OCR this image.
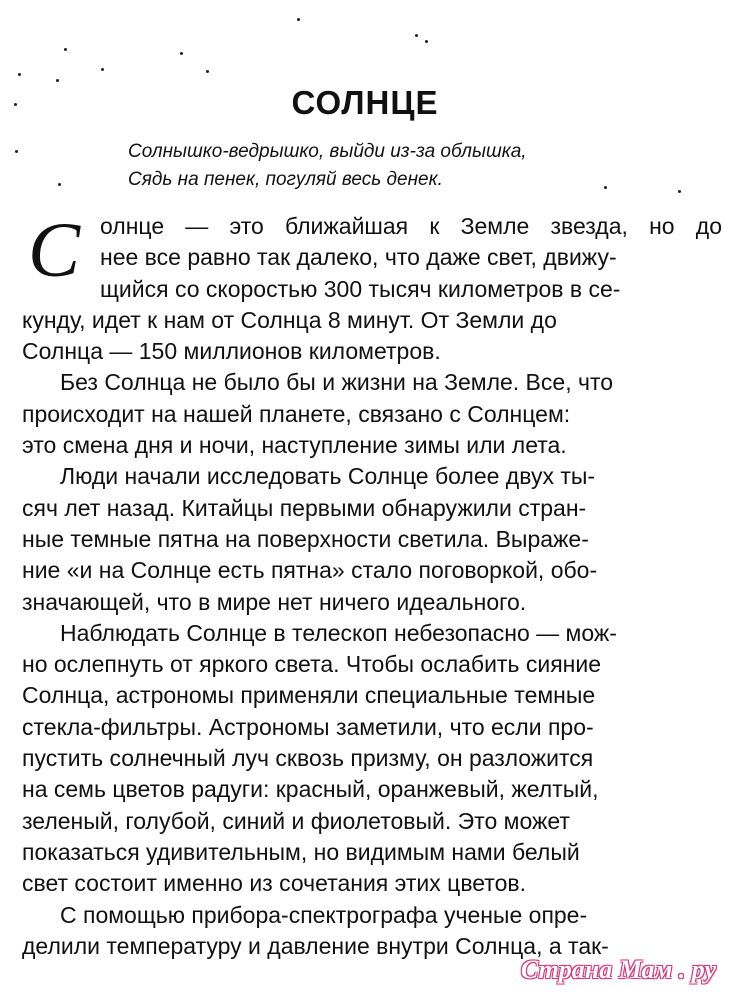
СОЛНЦЕ
Солнышко-ведрышко, выйди из-за облышка,
Сядь на пенек, погуляй весь денек.
С олнце — это ближайшая к Земле звезда, но до
нее все равно так далеко, что даже свет, движу-
щийся со скоростью 300 тысяч километров в се-
кунду, идет к нам от Солнца 8 минут. От Земли до
Солнца — 150 миллионов километров.
Без Солнца не было бы и жизни на Земле. Все, что
происходит на нашей планете, связано с Солнцем:
это смена дня и ночи, наступление зимы или лета.
Люди начали исследовать Солнце более двух ты-
сяч лет назад. Китайцы первыми обнаружили стран-
ные темные пятна на поверхности светила. Выраже-
ние «и на Солнце есть пятна» стало поговоркой, обо-
значающей, что в мире нет ничего идеального.
Наблюдать Солнце в телескоп небезопасно — мож-
но ослепнуть от яркого света. Чтобы ослабить сияние
Солнца, астрономы применяли специальные темные
стекла-фильтры. Астрономы заметили, что если про-
пустить солнечный луч сквозь призму, он разложится
на семь цветов радуги: красный, оранжевый, желтый,
зеленый, голубой, синий и фиолетовый. Это может
показаться удивительным, но видимым нами белый
свет состоит именно из сочетания этих цветов.
С помощью прибора-спектрографа ученые опре-
делили температуру и давление внутри Солнца, а так-
Страна Мам . ру
